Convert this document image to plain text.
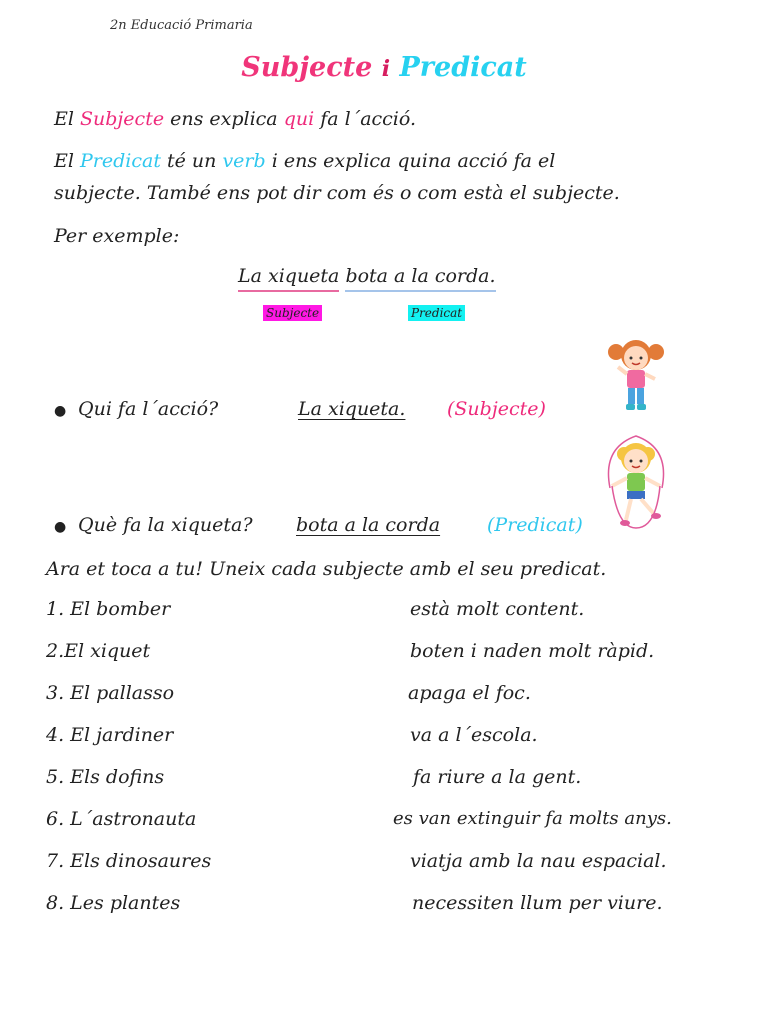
2n Educació Primaria
Subjecte i Predicat
El Subjecte ens explica qui fa l´acció.
El Predicat té un verb i ens explica quina acció fa el
subjecte. També ens pot dir com és o com està el subjecte.
Per exemple:
La xiqueta bota a la corda.
Subjecte	Predicat
● Qui fa l´acció?	La xiqueta. (Subjecte)
● Què fa la xiqueta? bota a la corda (Predicat)
Ara et toca a tu! Uneix cada subjecte amb el seu predicat.
1. El bomber
2.El xiquet
3. El pallasso
4. El jardiner
5. Els dofins
6. L´astronauta
7. Els dinosaures
8. Les plantes
està molt content.
boten i naden molt ràpid.
apaga el foc.
va a l´escola.
fa riure a la gent.
es van extinguir fa molts anys.
viatja amb la nau espacial.
necessiten llum per viure.
